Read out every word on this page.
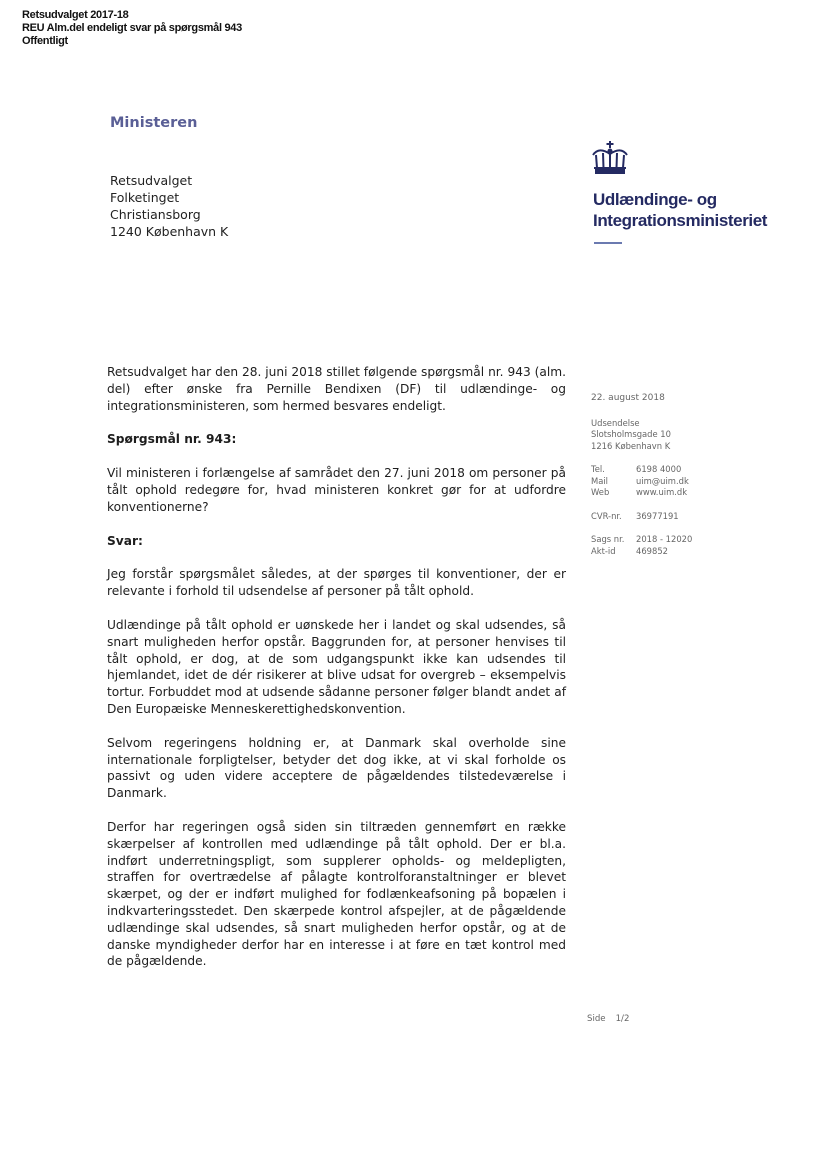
Retsudvalget 2017-18
REU Alm.del endeligt svar på spørgsmål 943
Offentligt
Ministeren
Retsudvalget
Folketinget
Christiansborg
1240 København K
Udlændinge- og
Integrationsministeriet

Retsudvalget har den 28. juni 2018 stillet følgende spørgsmål nr. 943 (alm. del) efter ønske fra Pernille Bendixen (DF) til udlændinge- og integrationsministeren, som hermed besvares endeligt.

Spørgsmål nr. 943:

Vil ministeren i forlængelse af samrådet den 27. juni 2018 om personer på tålt ophold redegøre for, hvad ministeren konkret gør for at udfordre konventionerne?

Svar:

Jeg forstår spørgsmålet således, at der spørges til konventioner, der er relevante i forhold til udsendelse af personer på tålt ophold.

Udlændinge på tålt ophold er uønskede her i landet og skal udsendes, så snart muligheden herfor opstår. Baggrunden for, at personer henvises til tålt ophold, er dog, at de som udgangspunkt ikke kan udsendes til hjemlandet, idet de dér risikerer at blive udsat for overgreb – eksempelvis tortur. Forbuddet mod at udsende sådanne personer følger blandt andet af Den Europæiske Menneskerettighedskonvention.

Selvom regeringens holdning er, at Danmark skal overholde sine internationale forpligtelser, betyder det dog ikke, at vi skal forholde os passivt og uden videre acceptere de pågældendes tilstedeværelse i Danmark.

Derfor har regeringen også siden sin tiltræden gennemført en række skærpelser af kontrollen med udlændinge på tålt ophold. Der er bl.a. indført underretningspligt, som supplerer opholds- og meldepligten, straffen for overtrædelse af pålagte kontrolforanstaltninger er blevet skærpet, og der er indført mulighed for fodlænkeafsoning på bopælen i indkvarteringsstedet. Den skærpede kontrol afspejler, at de pågældende udlændinge skal udsendes, så snart muligheden herfor opstår, og at de danske myndigheder derfor har en interesse i at føre en tæt kontrol med de pågældende.

22. august 2018
Udsendelse
Slotsholmsgade 10
1216 København K
Tel.	6198 4000
Mail	uim@uim.dk
Web	www.uim.dk
CVR-nr.	36977191
Sags nr.	2018 - 12020
Akt-id	469852
Side 1/2
